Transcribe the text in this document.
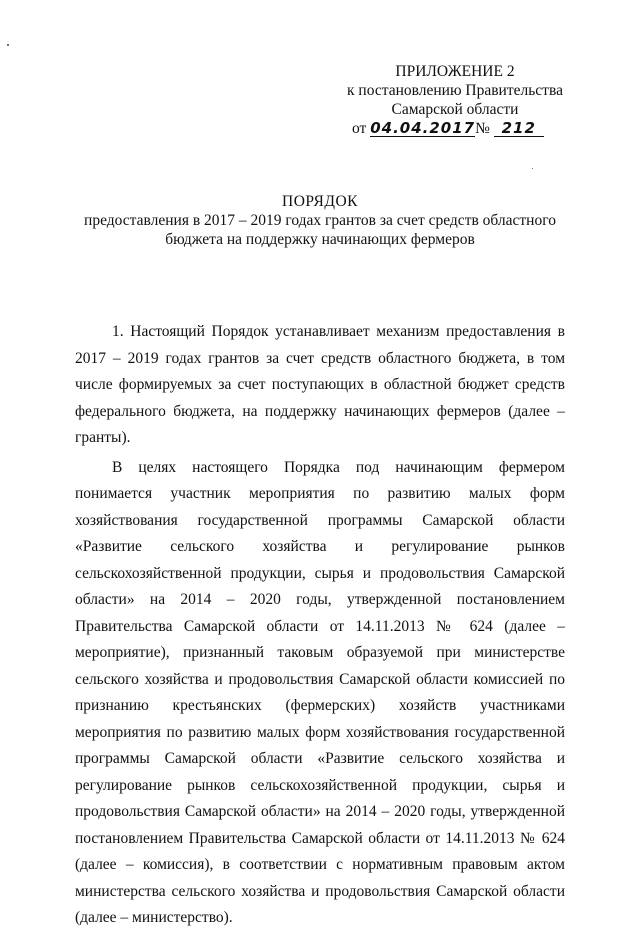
ПРИЛОЖЕНИЕ 2
к постановлению Правительства
Самарской области
от 04.04.2017№ 212
ПОРЯДОК
предоставления в 2017 – 2019 годах грантов за счет средств областного бюджета на поддержку начинающих фермеров

1. Настоящий Порядок устанавливает механизм предоставления в 2017 – 2019 годах грантов за счет средств областного бюджета, в том числе формируемых за счет поступающих в областной бюджет средств федерального бюджета, на поддержку начинающих фермеров (далее – гранты).

В целях настоящего Порядка под начинающим фермером понимается участник мероприятия по развитию малых форм хозяйствования государственной программы Самарской области «Развитие сельского хозяйства и регулирование рынков сельскохозяйственной продукции, сырья и продовольствия Самарской области» на 2014 – 2020 годы, утвержденной постановлением Правительства Самарской области от 14.11.2013 № 624 (далее – мероприятие), признанный таковым образуемой при министерстве сельского хозяйства и продовольствия Самарской области комиссией по признанию крестьянских (фермерских) хозяйств участниками мероприятия по развитию малых форм хозяйствования государственной программы Самарской области «Развитие сельского хозяйства и регулирование рынков сельскохозяйственной продукции, сырья и продовольствия Самарской области» на 2014 – 2020 годы, утвержденной постановлением Правительства Самарской области от 14.11.2013 № 624 (далее – комиссия), в соответствии с нормативным правовым актом министерства сельского хозяйства и продовольствия Самарской области (далее – министерство).
